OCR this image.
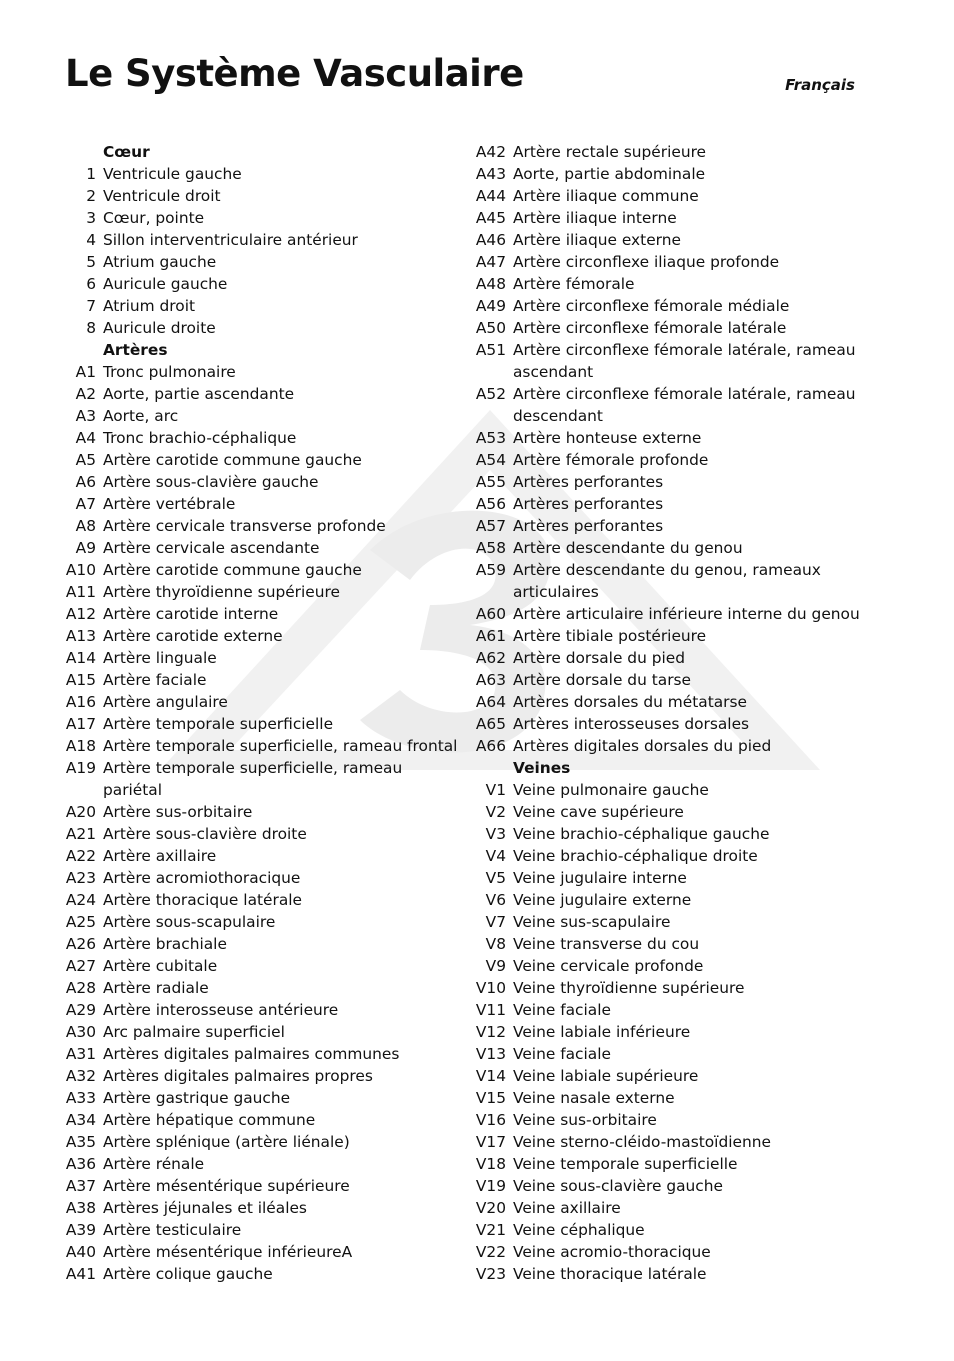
Le Système Vasculaire	Français
Cœur
1 Ventricule gauche
2 Ventricule droit
3 Cœur, pointe
4 Sillon interventriculaire antérieur
5 Atrium gauche
6 Auricule gauche
7 Atrium droit
8 Auricule droite
Artères
A1 Tronc pulmonaire
A2 Aorte, partie ascendante
A3 Aorte, arc
A4 Tronc brachio-céphalique
A5 Artère carotide commune gauche
A6 Artère sous-clavière gauche
A7 Artère vertébrale
A8 Artère cervicale transverse profonde
A9 Artère cervicale ascendante
A10 Artère carotide commune gauche
A11 Artère thyroïdienne supérieure
A12 Artère carotide interne
A13 Artère carotide externe
A14 Artère linguale
A15 Artère faciale
A16 Artère angulaire
A17 Artère temporale superficielle
A18 Artère temporale superficielle, rameau frontal
A19 Artère temporale superficielle, rameau pariétal
A20 Artère sus-orbitaire
A21 Artère sous-clavière droite
A22 Artère axillaire
A23 Artère acromiothoracique
A24 Artère thoracique latérale
A25 Artère sous-scapulaire
A26 Artère brachiale
A27 Artère cubitale
A28 Artère radiale
A29 Artère interosseuse antérieure
A30 Arc palmaire superficiel
A31 Artères digitales palmaires communes
A32 Artères digitales palmaires propres
A33 Artère gastrique gauche
A34 Artère hépatique commune
A35 Artère splénique (artère liénale)
A36 Artère rénale
A37 Artère mésentérique supérieure
A38 Artères jéjunales et iléales
A39 Artère testiculaire
A40 Artère mésentérique inférieureA
A41 Artère colique gauche
A42 Artère rectale supérieure
A43 Aorte, partie abdominale
A44 Artère iliaque commune
A45 Artère iliaque interne
A46 Artère iliaque externe
A47 Artère circonflexe iliaque profonde
A48 Artère fémorale
A49 Artère circonflexe fémorale médiale
A50 Artère circonflexe fémorale latérale
A51 Artère circonflexe fémorale latérale, rameau ascendant
A52 Artère circonflexe fémorale latérale, rameau descendant
A53 Artère honteuse externe
A54 Artère fémorale profonde
A55 Artères perforantes
A56 Artères perforantes
A57 Artères perforantes
A58 Artère descendante du genou
A59 Artère descendante du genou, rameaux articulaires
A60 Artère articulaire inférieure interne du genou
A61 Artère tibiale postérieure
A62 Artère dorsale du pied
A63 Artère dorsale du tarse
A64 Artères dorsales du métatarse
A65 Artères interosseuses dorsales
A66 Artères digitales dorsales du pied
Veines
V1 Veine pulmonaire gauche
V2 Veine cave supérieure
V3 Veine brachio-céphalique gauche
V4 Veine brachio-céphalique droite
V5 Veine jugulaire interne
V6 Veine jugulaire externe
V7 Veine sus-scapulaire
V8 Veine transverse du cou
V9 Veine cervicale profonde
V10 Veine thyroïdienne supérieure
V11 Veine faciale
V12 Veine labiale inférieure
V13 Veine faciale
V14 Veine labiale supérieure
V15 Veine nasale externe
V16 Veine sus-orbitaire
V17 Veine sterno-cléido-mastoïdienne
V18 Veine temporale superficielle
V19 Veine sous-clavière gauche
V20 Veine axillaire
V21 Veine céphalique
V22 Veine acromio-thoracique
V23 Veine thoracique latérale
